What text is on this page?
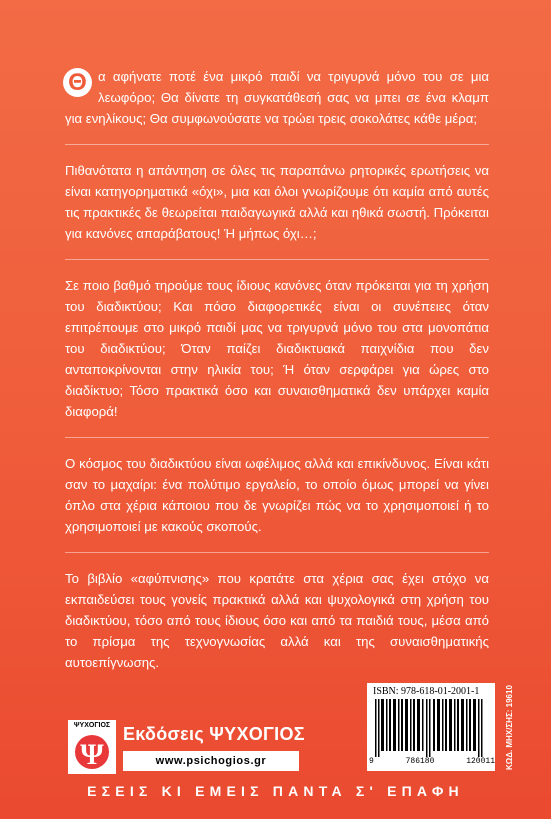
Θ α αφήνατε ποτέ ένα μικρό παιδί να τριγυρνά μόνο του σε μια λεωφόρο; Θα δίνατε τη συγκατάθεσή σας να μπει σε ένα κλαμπ για ενηλίκους; Θα συμφωνούσατε να τρώει τρεις σοκολάτες κάθε μέρα;

Πιθανότατα η απάντηση σε όλες τις παραπάνω ρητορικές ερωτήσεις να είναι κατηγορηματικά «όχι», μια και όλοι γνωρίζουμε ότι καμία από αυτές τις πρακτικές δε θεωρείται παιδαγωγικά αλλά και ηθικά σωστή. Πρόκειται για κανόνες απαράβατους! Ή μήπως όχι…;

Σε ποιο βαθμό τηρούμε τους ίδιους κανόνες όταν πρόκειται για τη χρήση του διαδικτύου; Και πόσο διαφορετικές είναι οι συνέπειες όταν επιτρέπουμε στο μικρό παιδί μας να τριγυρνά μόνο του στα μονοπάτια του διαδικτύου; Όταν παίζει διαδικτυακά παιχνίδια που δεν ανταποκρίνονται στην ηλικία του; Ή όταν σερφάρει για ώρες στο διαδίκτυο; Τόσο πρακτικά όσο και συναισθηματικά δεν υπάρχει καμία διαφορά!

Ο κόσμος του διαδικτύου είναι ωφέλιμος αλλά και επικίνδυνος. Είναι κάτι σαν το μαχαίρι: ένα πολύτιμο εργαλείο, το οποίο όμως μπορεί να γίνει όπλο στα χέρια κάποιου που δε γνωρίζει πώς να το χρησιμοποιεί ή το χρησιμοποιεί με κακούς σκοπούς.

Το βιβλίο «αφύπνισης» που κρατάτε στα χέρια σας έχει στόχο να εκπαιδεύσει τους γονείς πρακτικά αλλά και ψυχολογικά στη χρήση του διαδικτύου, τόσο από τους ίδιους όσο και από τα παιδιά τους, μέσα από το πρίσμα της τεχνογνωσίας αλλά και της συναισθηματικής αυτοεπίγνωσης.

ISBN: 978-618-01-2001-1
9	786180	120011 ΚΩΔ. ΜΗΧ/ΣΗΣ: 19610
ΨΥΧΟΓΙΟΣ
Ψ
Εκδόσεις ΨΥΧΟΓΙΟΣ
www.psichogios.gr
ΕΣΕΙΣ ΚΙ ΕΜΕΙΣ ΠΑΝΤΑ Σ' ΕΠΑΦΗ
